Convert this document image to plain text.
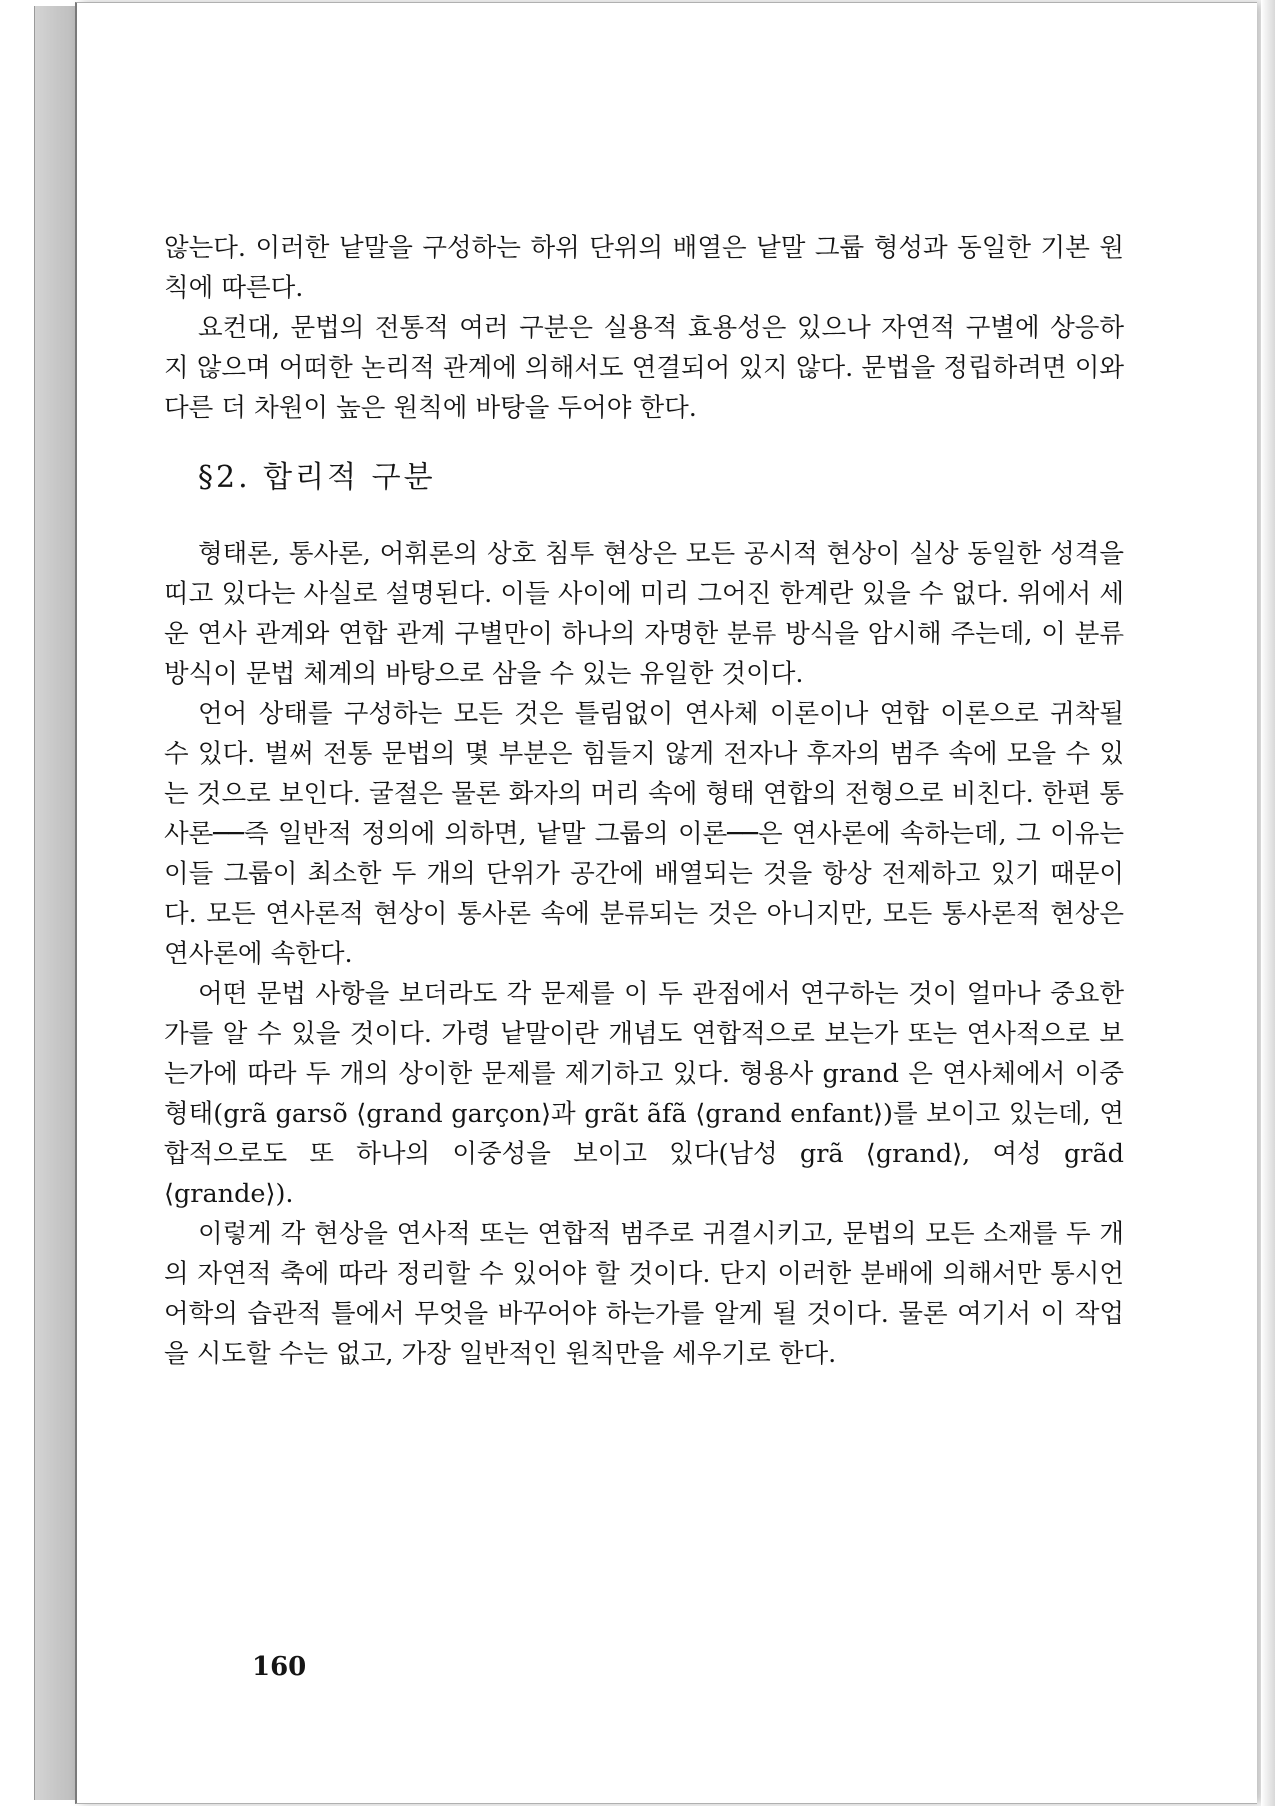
않는다. 이러한 낱말을 구성하는 하위 단위의 배열은 낱말 그룹 형성과 동일한 기본 원칙에 따른다.

요컨대, 문법의 전통적 여러 구분은 실용적 효용성은 있으나 자연적 구별에 상응하지 않으며 어떠한 논리적 관계에 의해서도 연결되어 있지 않다. 문법을 정립하려면 이와 다른 더 차원이 높은 원칙에 바탕을 두어야 한다.

§2. 합리적 구분

형태론, 통사론, 어휘론의 상호 침투 현상은 모든 공시적 현상이 실상 동일한 성격을 띠고 있다는 사실로 설명된다. 이들 사이에 미리 그어진 한계란 있을 수 없다. 위에서 세운 연사 관계와 연합 관계 구별만이 하나의 자명한 분류 방식을 암시해 주는데, 이 분류 방식이 문법 체계의 바탕으로 삼을 수 있는 유일한 것이다.

언어 상태를 구성하는 모든 것은 틀림없이 연사체 이론이나 연합 이론으로 귀착될 수 있다. 벌써 전통 문법의 몇 부분은 힘들지 않게 전자나 후자의 범주 속에 모을 수 있는 것으로 보인다. 굴절은 물론 화자의 머리 속에 형태 연합의 전형으로 비친다. 한편 통사론──즉 일반적 정의에 의하면, 낱말 그룹의 이론──은 연사론에 속하는데, 그 이유는 이들 그룹이 최소한 두 개의 단위가 공간에 배열되는 것을 항상 전제하고 있기 때문이다. 모든 연사론적 현상이 통사론 속에 분류되는 것은 아니지만, 모든 통사론적 현상은 연사론에 속한다.

어떤 문법 사항을 보더라도 각 문제를 이 두 관점에서 연구하는 것이 얼마나 중요한가를 알 수 있을 것이다. 가령 낱말이란 개념도 연합적으로 보는가 또는 연사적으로 보는가에 따라 두 개의 상이한 문제를 제기하고 있다. 형용사 grand 은 연사체에서 이중 형태(grã garsõ ⟨grand garçon⟩과 grãt ãfã ⟨grand enfant⟩)를 보이고 있는데, 연합적으로도 또 하나의 이중성을 보이고 있다(남성 grã ⟨grand⟩, 여성 grãd ⟨grande⟩).

이렇게 각 현상을 연사적 또는 연합적 범주로 귀결시키고, 문법의 모든 소재를 두 개의 자연적 축에 따라 정리할 수 있어야 할 것이다. 단지 이러한 분배에 의해서만 통시언어학의 습관적 틀에서 무엇을 바꾸어야 하는가를 알게 될 것이다. 물론 여기서 이 작업을 시도할 수는 없고, 가장 일반적인 원칙만을 세우기로 한다.

160
